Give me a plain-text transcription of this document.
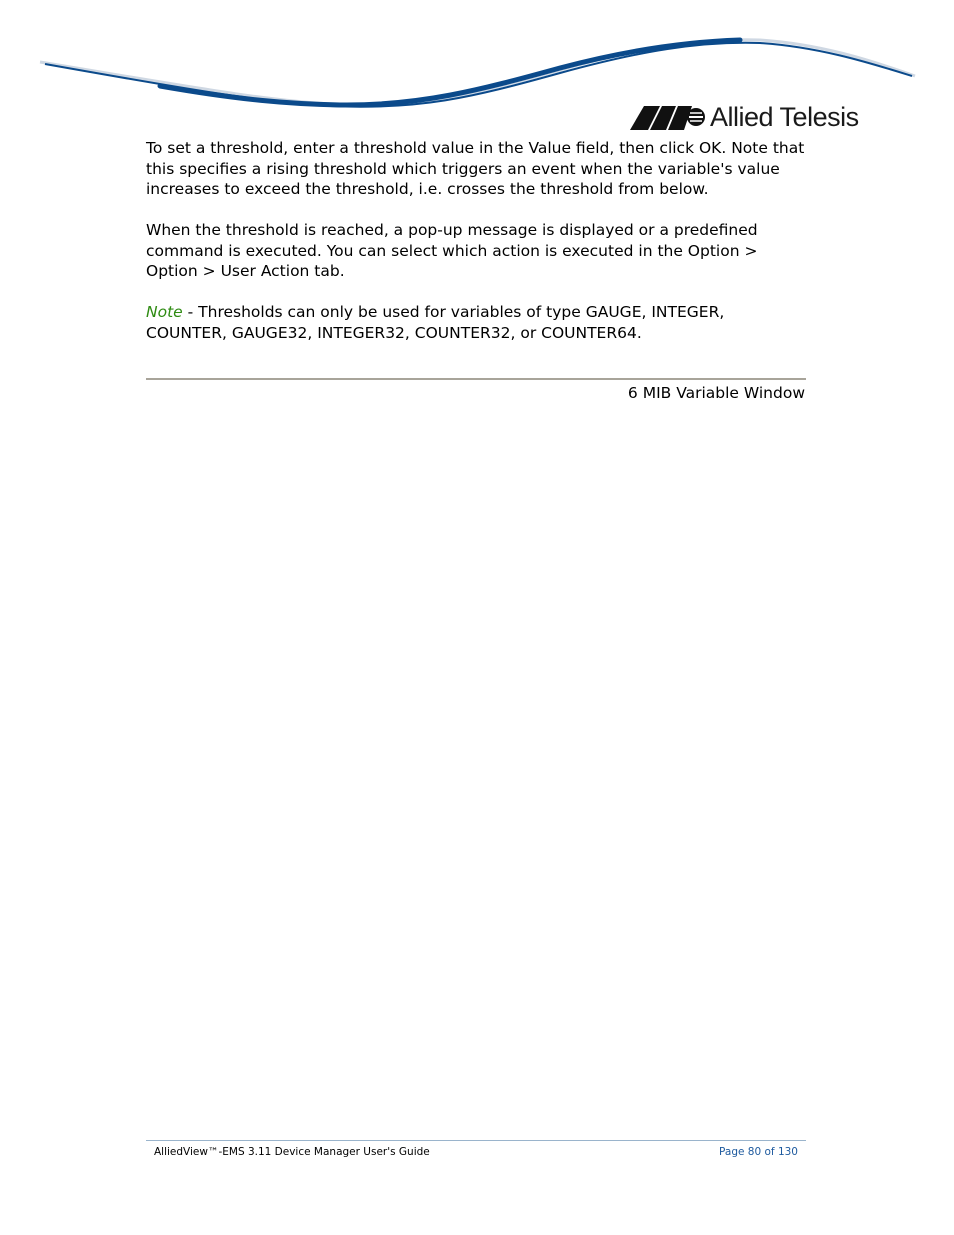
Allied Telesis

To set a threshold, enter a threshold value in the Value field, then click OK. Note that this specifies a rising threshold which triggers an event when the variable's value increases to exceed the threshold, i.e. crosses the threshold from below.

When the threshold is reached, a pop-up message is displayed or a predefined command is executed. You can select which action is executed in the Option > Option > User Action tab.

Note - Thresholds can only be used for variables of type GAUGE, INTEGER, COUNTER, GAUGE32, INTEGER32, COUNTER32, or COUNTER64.

6 MIB Variable Window
AlliedView™-EMS 3.11 Device Manager User's Guide	Page 80 of 130
